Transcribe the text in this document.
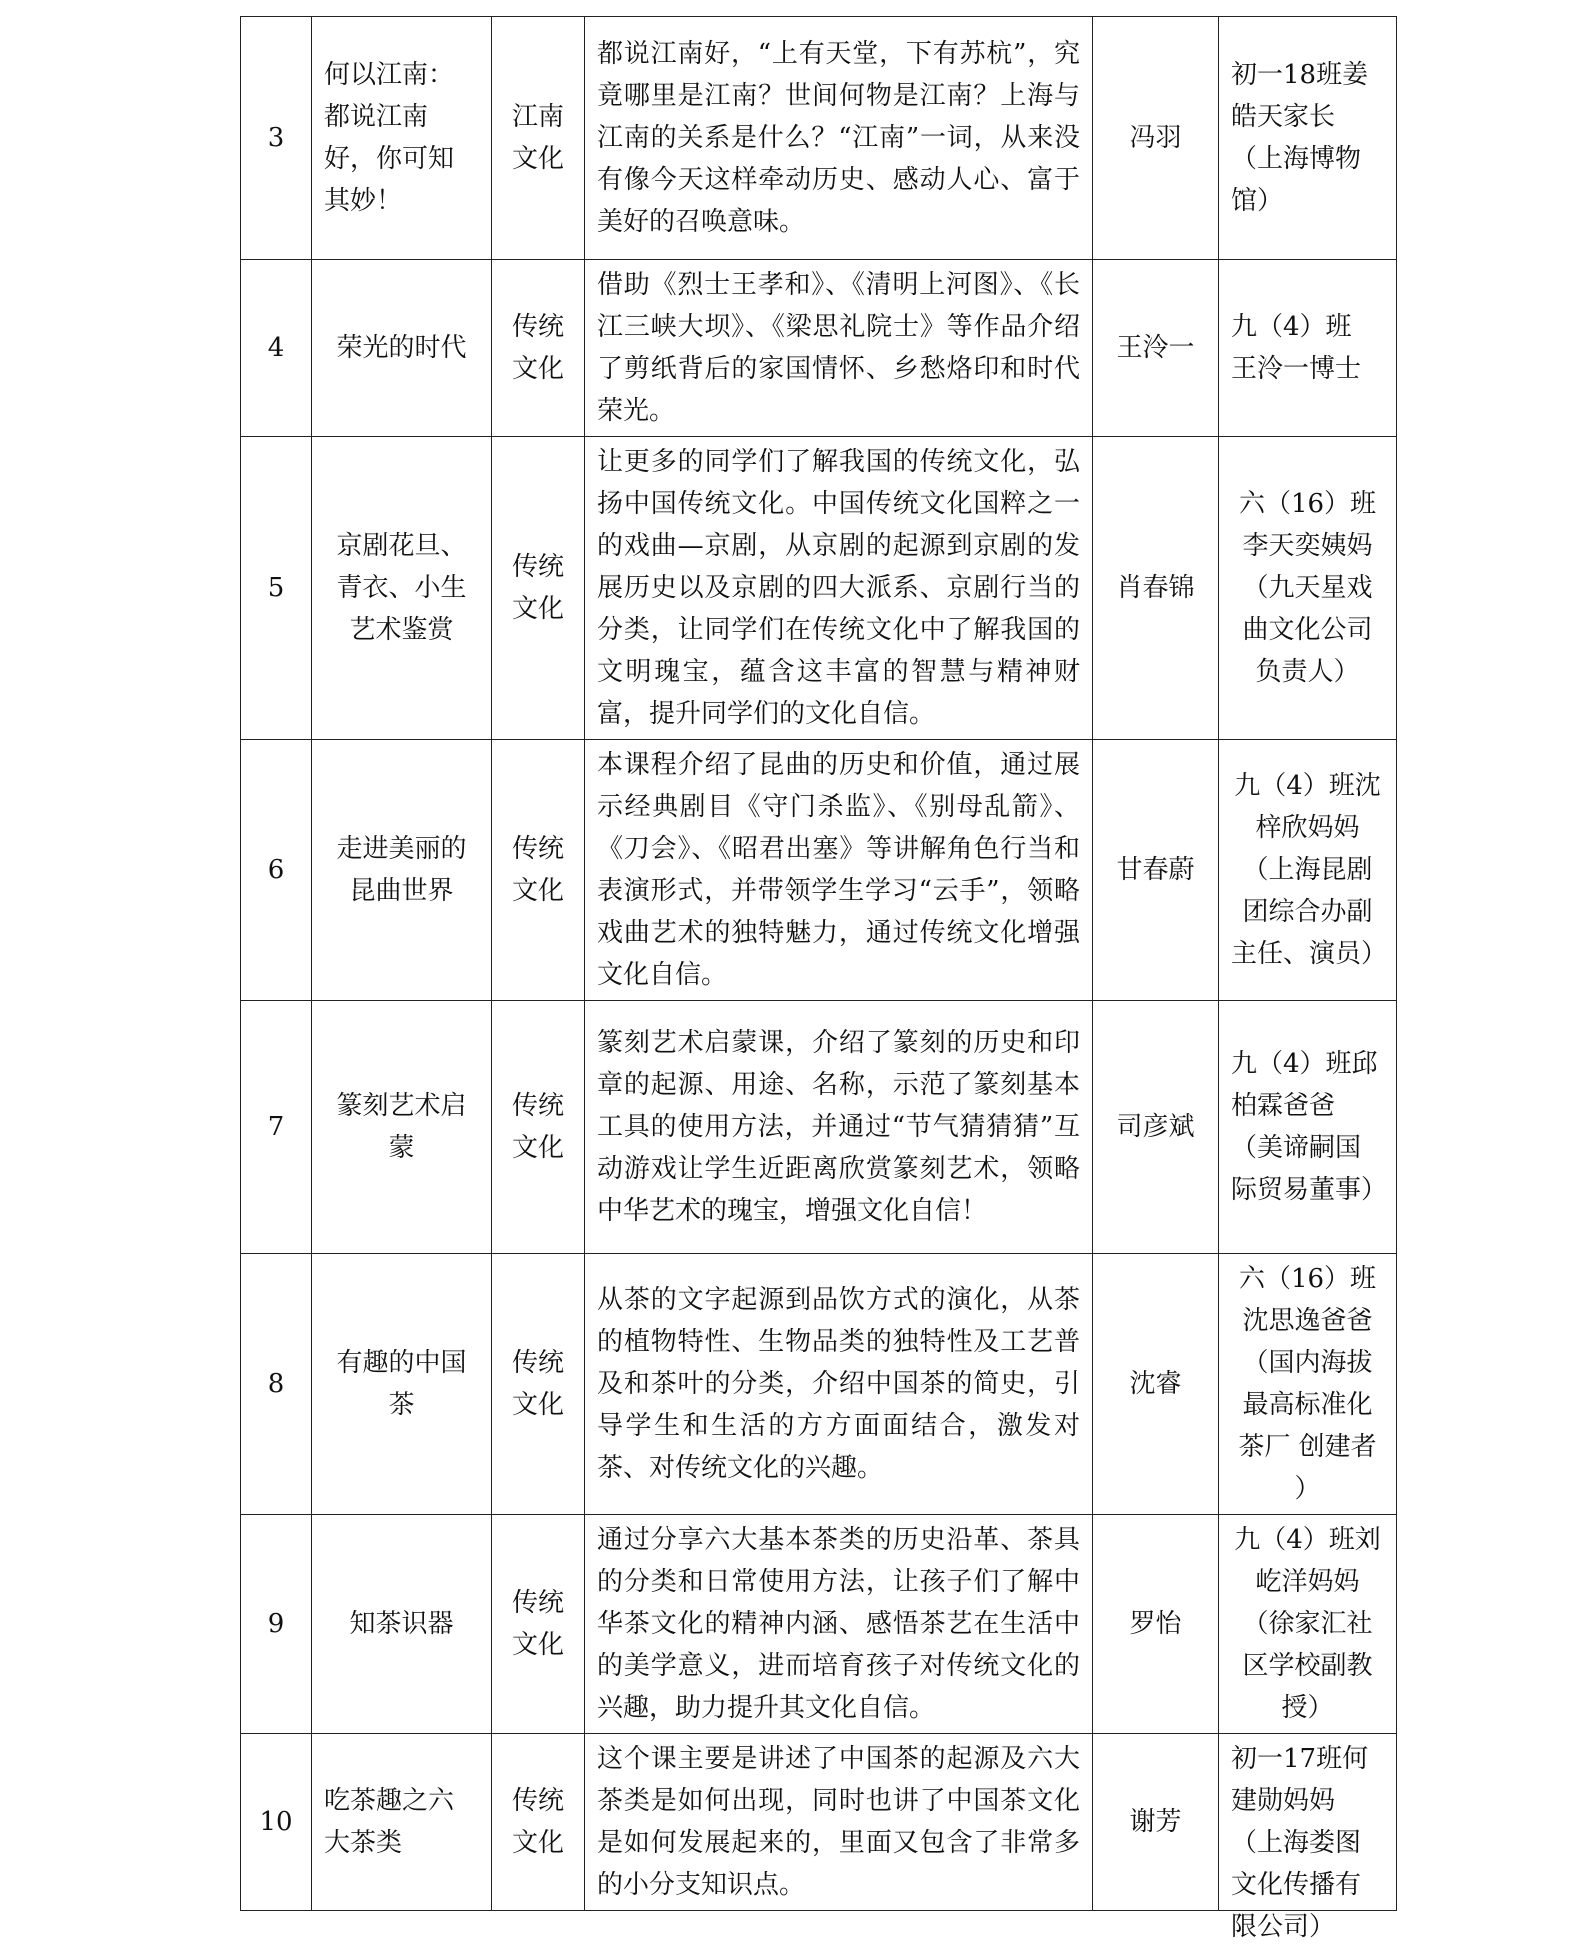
3	何以江南：都说江南好，你可知其妙！	江南文化	都说江南好，“上有天堂，下有苏杭”，究竟哪里是江南？世间何物是江南？上海与江南的关系是什么？“江南”一词，从来没有像今天这样牵动历史、感动人心、富于美好的召唤意味。	冯羽	初一18班姜皓天家长（上海博物馆）
4	荣光的时代	传统文化	借助《烈士王孝和》、《清明上河图》、《长江三峡大坝》、《梁思礼院士》等作品介绍了剪纸背后的家国情怀、乡愁烙印和时代荣光。	王泠一	九（4）班 王泠一博士
5	京剧花旦、青衣、小生艺术鉴赏	传统文化	让更多的同学们了解我国的传统文化，弘扬中国传统文化。中国传统文化国粹之一的戏曲—京剧，从京剧的起源到京剧的发展历史以及京剧的四大派系、京剧行当的分类，让同学们在传统文化中了解我国的文明瑰宝，蕴含这丰富的智慧与精神财富，提升同学们的文化自信。	肖春锦	六（16）班李天奕姨妈（九天星戏曲文化公司负责人）
6	走进美丽的昆曲世界	传统文化	本课程介绍了昆曲的历史和价值，通过展示经典剧目《守门杀监》、《别母乱箭》、《刀会》、《昭君出塞》等讲解角色行当和表演形式，并带领学生学习“云手”，领略戏曲艺术的独特魅力，通过传统文化增强文化自信。	甘春蔚	九（4）班沈梓欣妈妈（上海昆剧团综合办副主任、演员）
7	篆刻艺术启蒙	传统文化	篆刻艺术启蒙课，介绍了篆刻的历史和印章的起源、用途、名称，示范了篆刻基本工具的使用方法，并通过“节气猜猜猜”互动游戏让学生近距离欣赏篆刻艺术，领略中华艺术的瑰宝，增强文化自信！	司彦斌	九（4）班邱柏霖爸爸（美谛嗣国际贸易董事）
8	有趣的中国茶	传统文化	从茶的文字起源到品饮方式的演化，从茶的植物特性、生物品类的独特性及工艺普及和茶叶的分类，介绍中国茶的简史，引导学生和生活的方方面面结合，激发对茶、对传统文化的兴趣。	沈睿	六（16）班沈思逸爸爸（国内海拔最高标准化茶厂 创建者 ）
9	知茶识器	传统文化	通过分享六大基本茶类的历史沿革、茶具的分类和日常使用方法，让孩子们了解中华茶文化的精神内涵、感悟茶艺在生活中的美学意义，进而培育孩子对传统文化的兴趣，助力提升其文化自信。	罗怡	九（4）班刘屹洋妈妈（徐家汇社区学校副教授）
10	吃茶趣之六大茶类	传统文化	这个课主要是讲述了中国茶的起源及六大茶类是如何出现，同时也讲了中国茶文化是如何发展起来的，里面又包含了非常多的小分支知识点。	谢芳	初一17班何建勋妈妈（上海娄图文化传播有限公司）
